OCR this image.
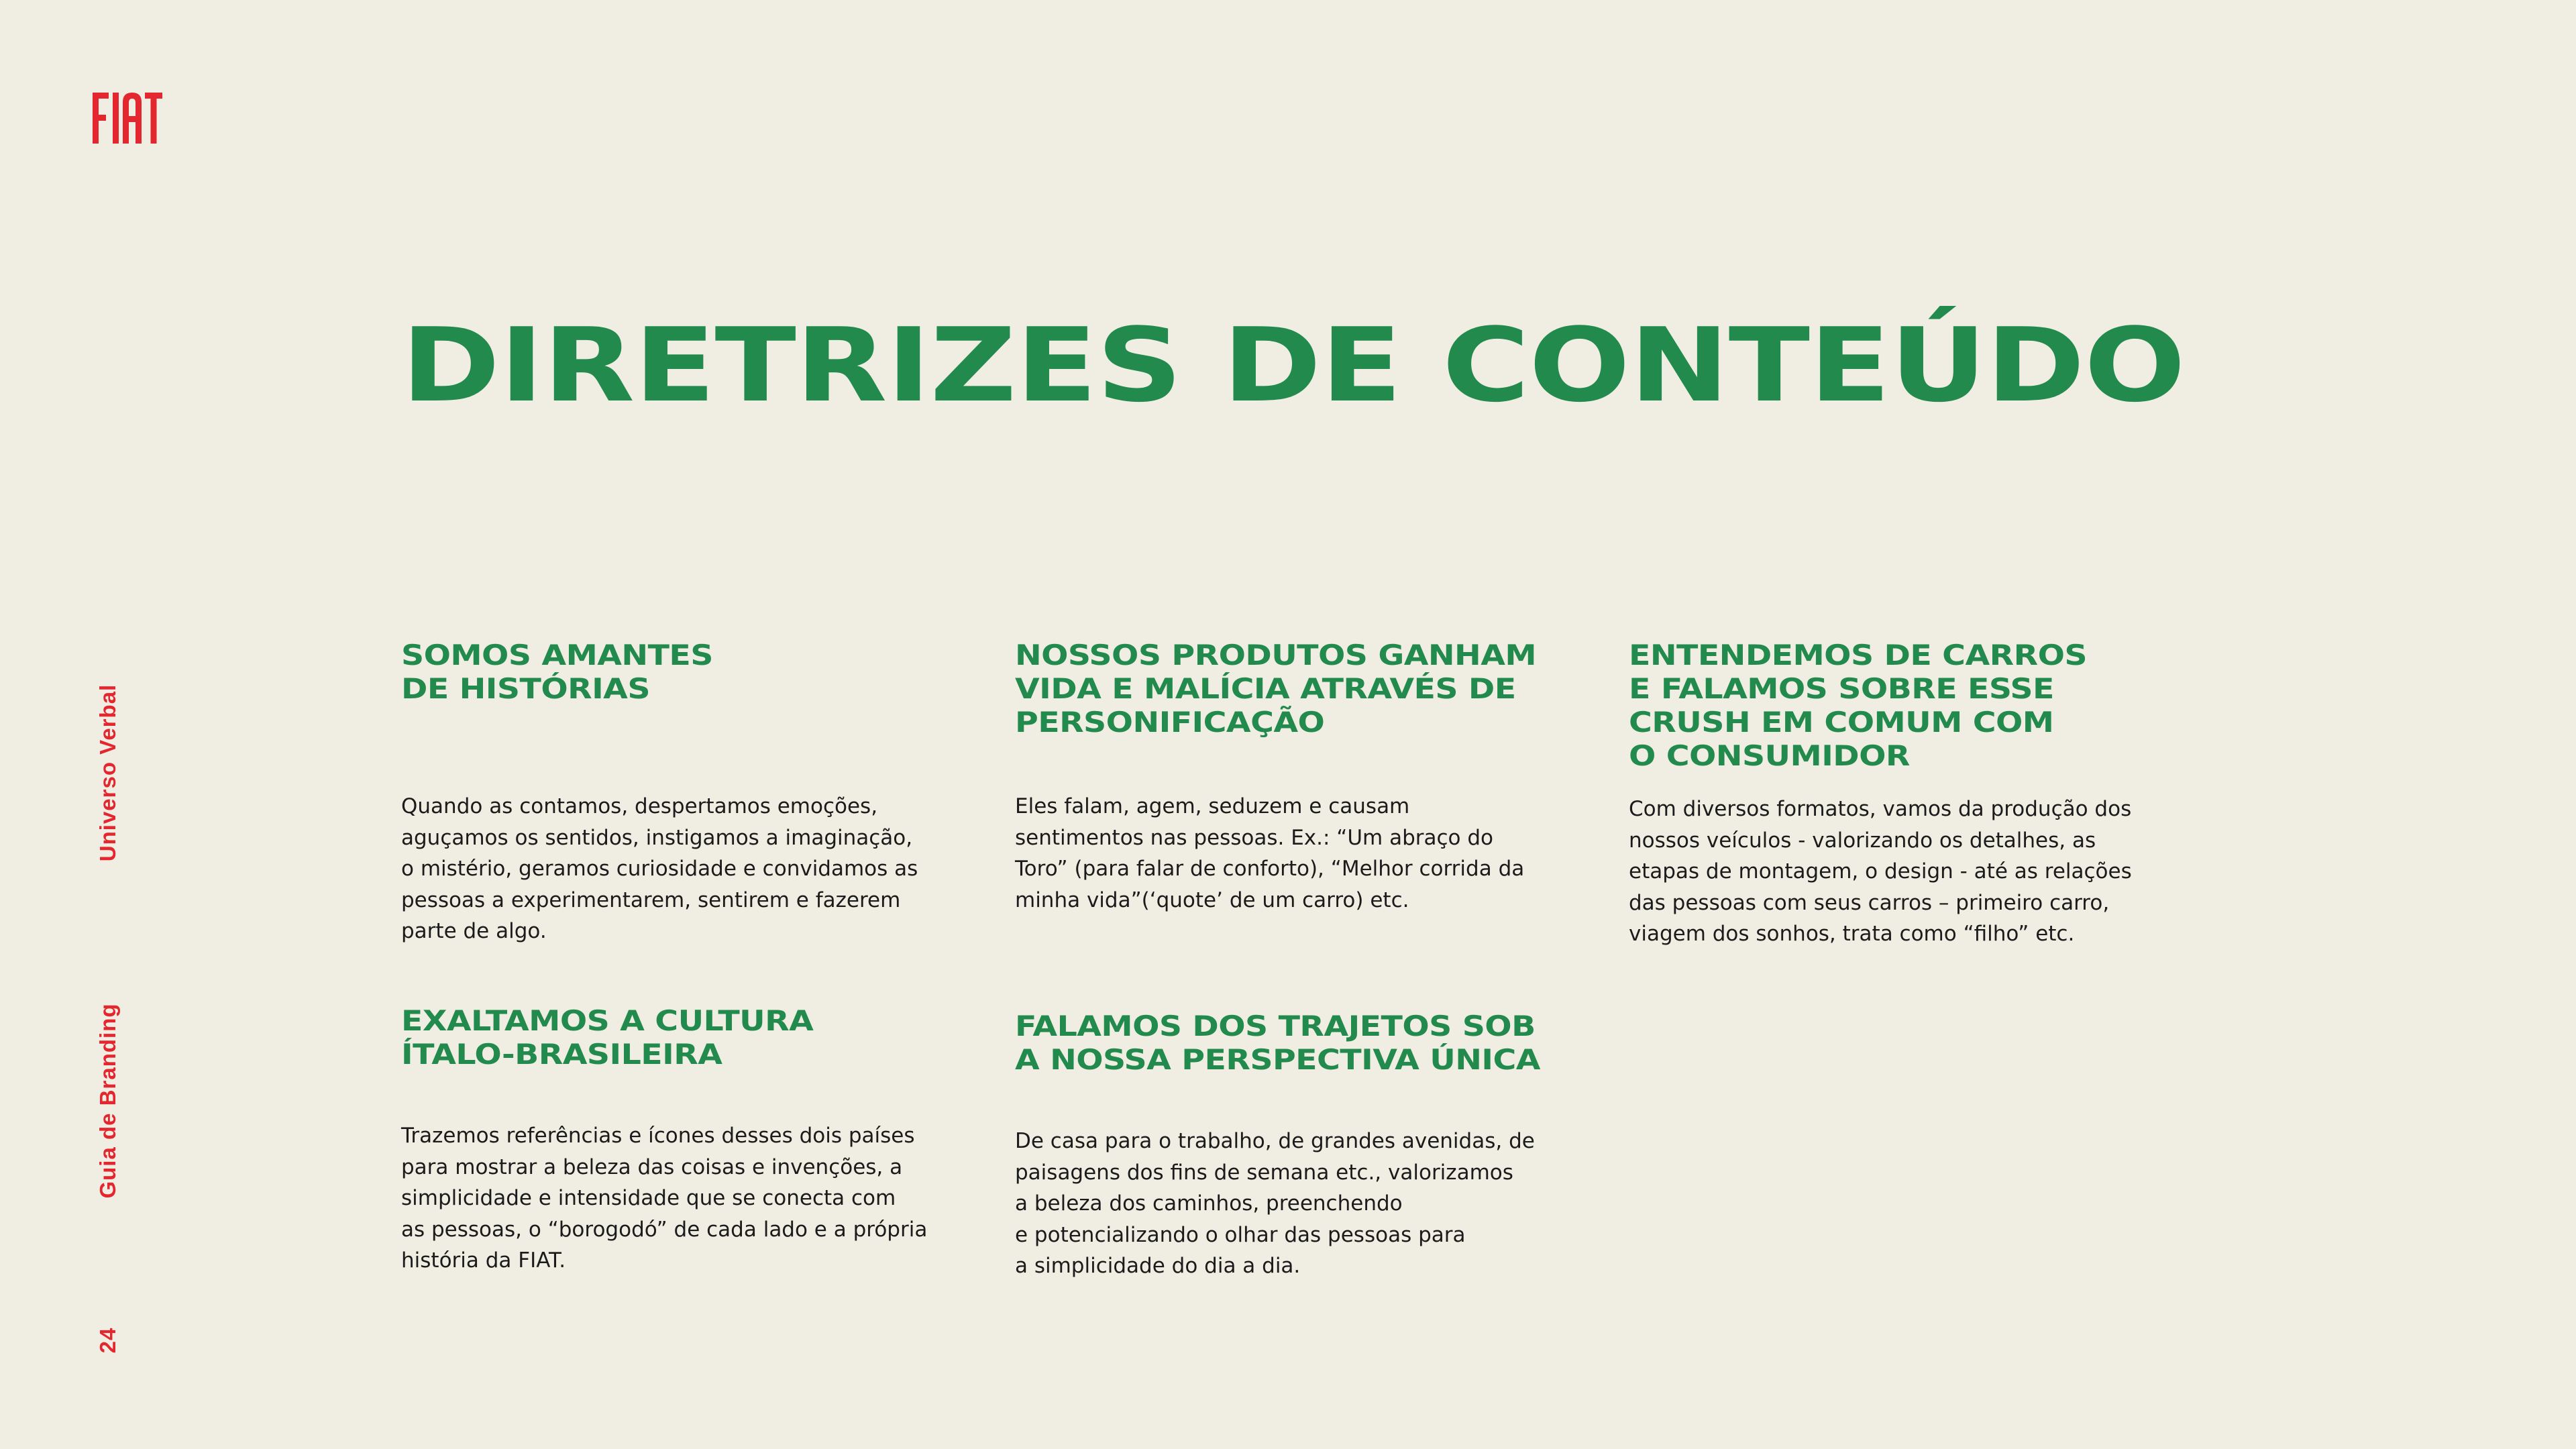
Universo Verbal
Guia de Branding
24
DIRETRIZES DE CONTEÚDO
SOMOS AMANTES
DE HISTÓRIAS

Quando as contamos, despertamos emoções,
aguçamos os sentidos, instigamos a imaginação,
o mistério, geramos curiosidade e convidamos as
pessoas a experimentarem, sentirem e fazerem
parte de algo.

NOSSOS PRODUTOS GANHAM
VIDA E MALÍCIA ATRAVÉS DE
PERSONIFICAÇÃO

Eles falam, agem, seduzem e causam
sentimentos nas pessoas. Ex.: “Um abraço do
Toro” (para falar de conforto), “Melhor corrida da
minha vida”(‘quote’ de um carro) etc.

ENTENDEMOS DE CARROS
E FALAMOS SOBRE ESSE
CRUSH EM COMUM COM
O CONSUMIDOR

Com diversos formatos, vamos da produção dos
nossos veículos - valorizando os detalhes, as
etapas de montagem, o design - até as relações
das pessoas com seus carros – primeiro carro,
viagem dos sonhos, trata como “filho” etc.

EXALTAMOS A CULTURA
ÍTALO-BRASILEIRA

Trazemos referências e ícones desses dois países
para mostrar a beleza das coisas e invenções, a
simplicidade e intensidade que se conecta com
as pessoas, o “borogodó” de cada lado e a própria
história da FIAT.

FALAMOS DOS TRAJETOS SOB
A NOSSA PERSPECTIVA ÚNICA

De casa para o trabalho, de grandes avenidas, de
paisagens dos fins de semana etc., valorizamos
a beleza dos caminhos, preenchendo
e potencializando o olhar das pessoas para
a simplicidade do dia a dia.
